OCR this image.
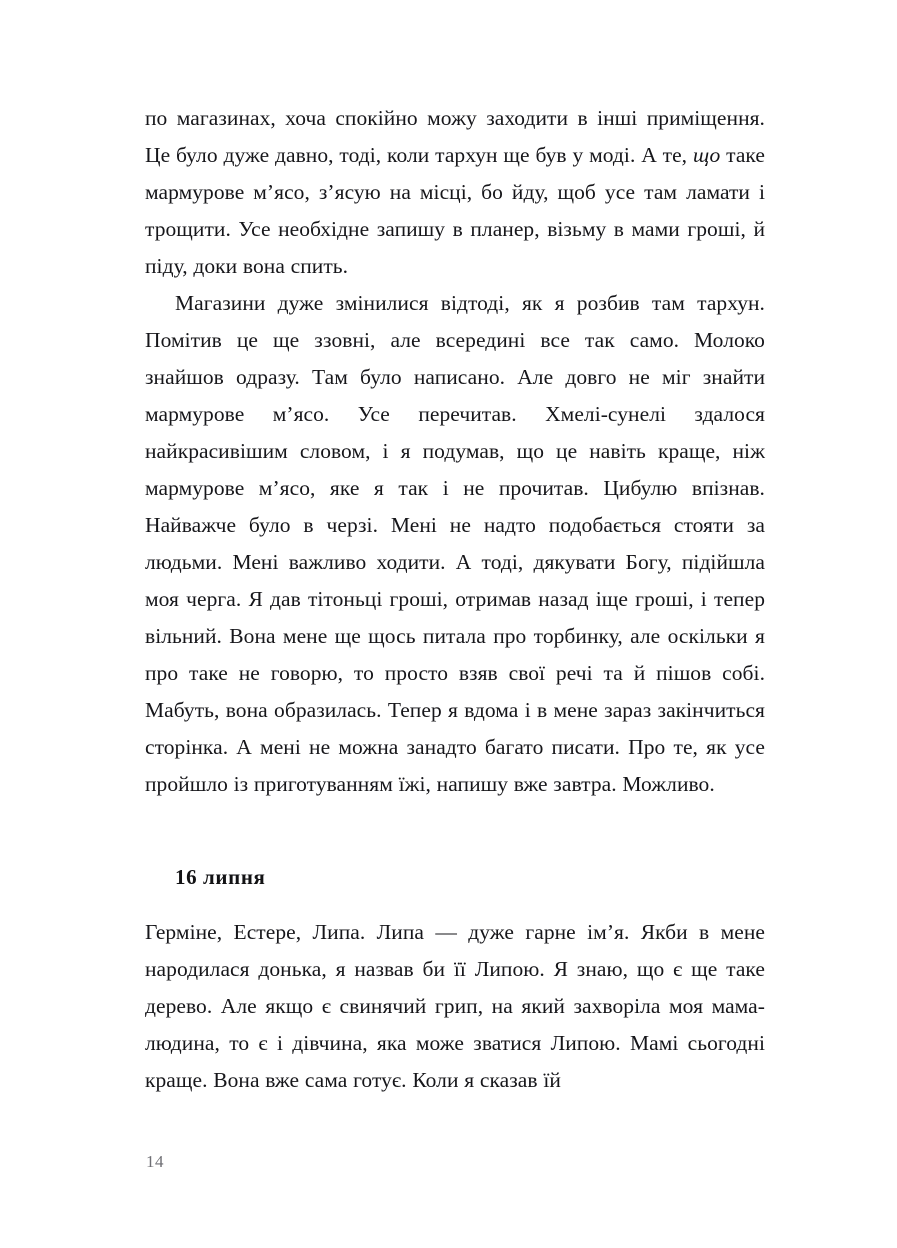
по магазинах, хоча спокійно можу заходити в інші приміщення. Це було дуже давно, тоді, коли тархун ще був у моді. А те, що таке мармурове м’ясо, з’ясую на місці, бо йду, щоб усе там ламати і трощити. Усе необхідне запишу в планер, візьму в мами гроші, й піду, доки вона спить.

Магазини дуже змінилися відтоді, як я розбив там тархун. Помітив це ще ззовні, але всередині все так само. Молоко знайшов одразу. Там було написано. Але довго не міг знайти мармурове м’ясо. Усе перечитав. Хмелі-сунелі здалося найкрасивішим словом, і я подумав, що це навіть краще, ніж мармурове м’ясо, яке я так і не прочитав. Цибулю впізнав. Найважче було в черзі. Мені не надто подобається стояти за людьми. Мені важливо ходити. А тоді, дякувати Богу, підійшла моя черга. Я дав тітоньці гроші, отримав назад іще гроші, і тепер вільний. Вона мене ще щось питала про торбинку, але оскільки я про таке не говорю, то просто взяв свої речі та й пішов собі. Мабуть, вона образилась. Тепер я вдома і в мене зараз закінчиться сторінка. А мені не можна занадто багато писати. Про те, як усе пройшло із приготуванням їжі, напишу вже завтра. Можливо.

16 липня

Герміне, Естере, Липа. Липа — дуже гарне ім’я. Якби в мене народилася донька, я назвав би її Липою. Я знаю, що є ще таке дерево. Але якщо є свинячий грип, на який захворіла моя мама-людина, то є і дівчина, яка може зватися Липою. Мамі сьогодні краще. Вона вже сама готує. Коли я сказав їй

14
